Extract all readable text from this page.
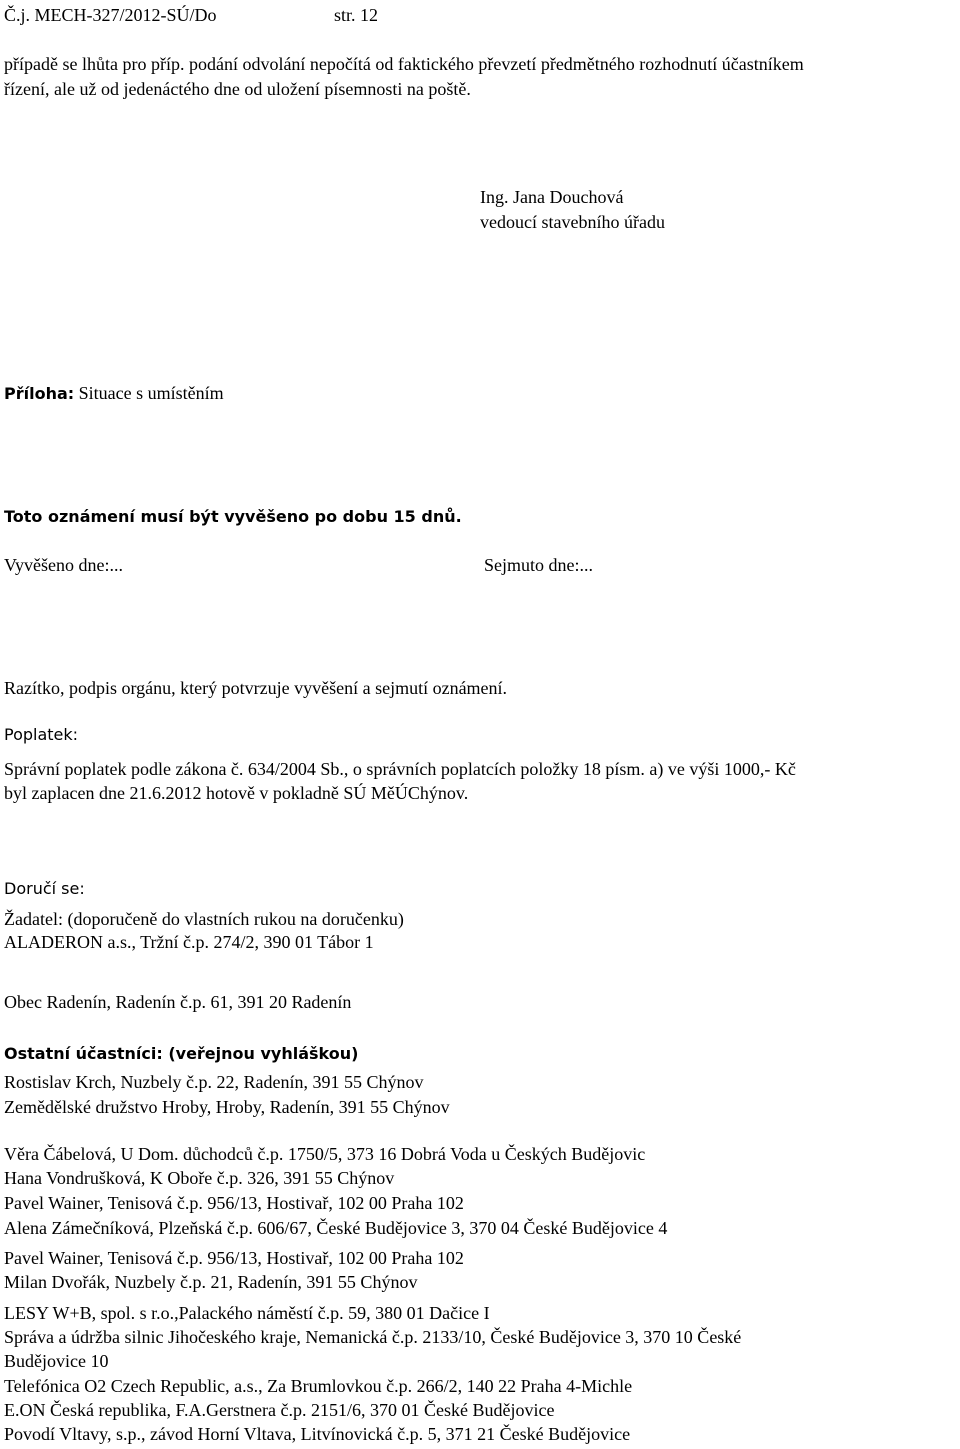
Č.j. MECH-327/2012-SÚ/Do	str. 12
případě se lhůta pro příp. podání odvolání nepočítá od faktického převzetí předmětného rozhodnutí účastníkem
řízení, ale už od jedenáctého dne od uložení písemnosti na poště.
Ing. Jana Douchová
vedoucí stavebního úřadu
Příloha: Situace s umístěním
Toto oznámení musí být vyvěšeno po dobu 15 dnů.
Vyvěšeno dne:...	Sejmuto dne:...
Razítko, podpis orgánu, který potvrzuje vyvěšení a sejmutí oznámení.
Poplatek:
Správní poplatek podle zákona č. 634/2004 Sb., o správních poplatcích položky 18 písm. a) ve výši 1000,- Kč
byl zaplacen dne 21.6.2012 hotově v pokladně SÚ MěÚChýnov.
Doručí se:
Žadatel: (doporučeně do vlastních rukou na doručenku)
ALADERON a.s., Tržní č.p. 274/2, 390 01 Tábor 1
Obec Radenín, Radenín č.p. 61, 391 20 Radenín
Ostatní účastníci: (veřejnou vyhláškou)
Rostislav Krch, Nuzbely č.p. 22, Radenín, 391 55 Chýnov
Zemědělské družstvo Hroby, Hroby, Radenín, 391 55 Chýnov
Věra Čábelová, U Dom. důchodců č.p. 1750/5, 373 16 Dobrá Voda u Českých Budějovic
Hana Vondrušková, K Oboře č.p. 326, 391 55 Chýnov
Pavel Wainer, Tenisová č.p. 956/13, Hostivař, 102 00 Praha 102
Alena Zámečníková, Plzeňská č.p. 606/67, České Budějovice 3, 370 04 České Budějovice 4
Pavel Wainer, Tenisová č.p. 956/13, Hostivař, 102 00 Praha 102
Milan Dvořák, Nuzbely č.p. 21, Radenín, 391 55 Chýnov
LESY W+B, spol. s r.o.,Palackého náměstí č.p. 59, 380 01 Dačice I
Správa a údržba silnic Jihočeského kraje, Nemanická č.p. 2133/10, České Budějovice 3, 370 10 České
Budějovice 10
Telefónica O2 Czech Republic, a.s., Za Brumlovkou č.p. 266/2, 140 22 Praha 4-Michle
E.ON Česká republika, F.A.Gerstnera č.p. 2151/6, 370 01 České Budějovice
Povodí Vltavy, s.p., závod Horní Vltava, Litvínovická č.p. 5, 371 21 České Budějovice
